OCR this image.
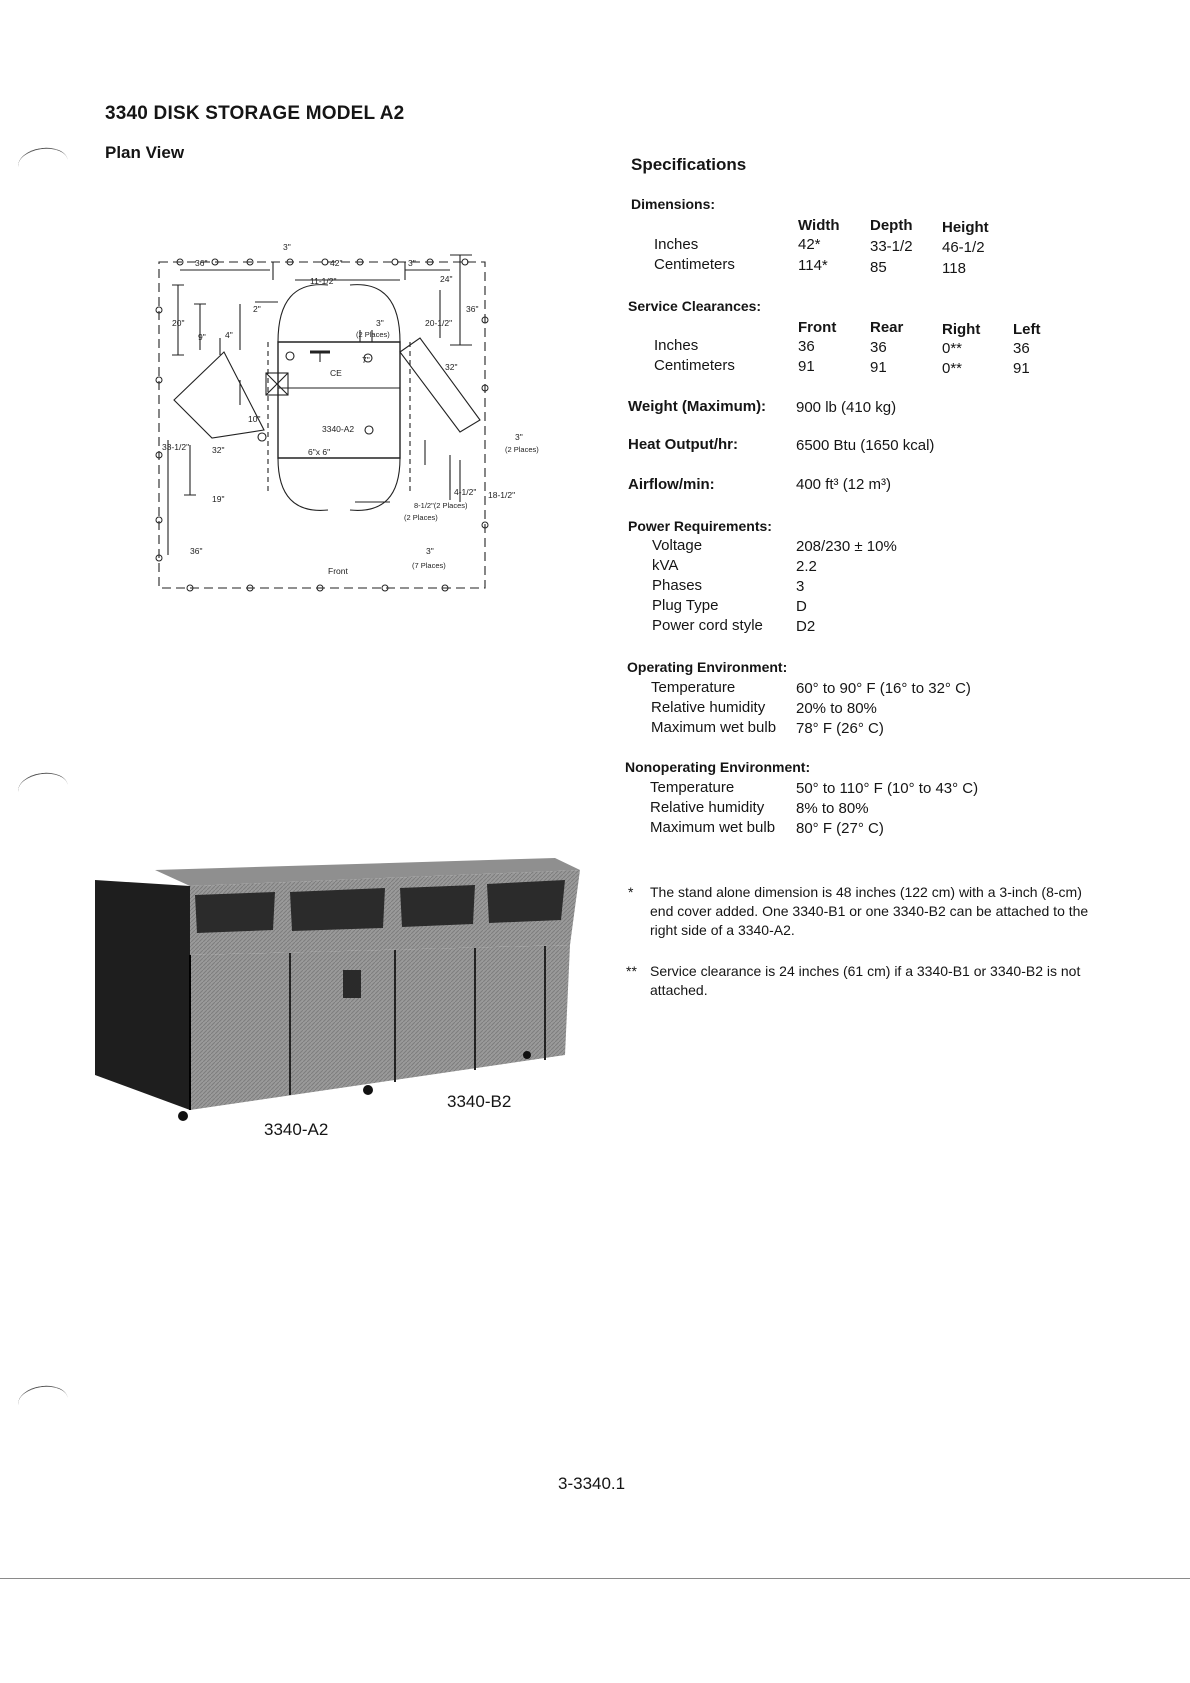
3340 DISK STORAGE MODEL A2
Plan View
3"
36"	42"	3"
24"
11-1/2"
36"
2"
20"	3"
(2 Places)
20-1/2"
9" 4"
7"
CE
32"
10"
3340-A2
3"
(2 Places)
33-1/2"	32"	6"x 6"
4-1/2" 18-1/2"
19"
8-1/2"(2 Places)
(2 Places)
36"	3"
(7 Places)
Front
Specifications
Dimensions:
Width Depth Height
Inches	42*	33-1/2 46-1/2
Centimeters	114*	85	118
Service Clearances:
Front Rear	Right Left
Inches	36	36	0**	36
Centimeters	91	91	0**	91
Weight (Maximum): 900 lb (410 kg)
Heat Output/hr:	6500 Btu (1650 kcal)
Airflow/min:	400 ft³ (12 m³)
Power Requirements:
Voltage	208/230 ± 10%
kVA	2.2
Phases	3
Plug Type	D
Power cord style D2
Operating Environment:
Temperature	60° to 90° F (16° to 32° C)
Relative humidity 20% to 80%
Maximum wet bulb 78° F (26° C)
Nonoperating Environment:
Temperature	50° to 110° F (10° to 43° C)
Relative humidity 8% to 80%
Maximum wet bulb 80° F (27° C)
* The stand alone dimension is 48 inches (122 cm) with a 3-inch (8-cm) end cover added. One 3340-B1 or one 3340-B2 can be attached to the right side of a 3340-A2.
** Service clearance is 24 inches (61 cm) if a 3340-B1 or 3340-B2 is not attached.
3340-B2
3340-A2
3-3340.1
